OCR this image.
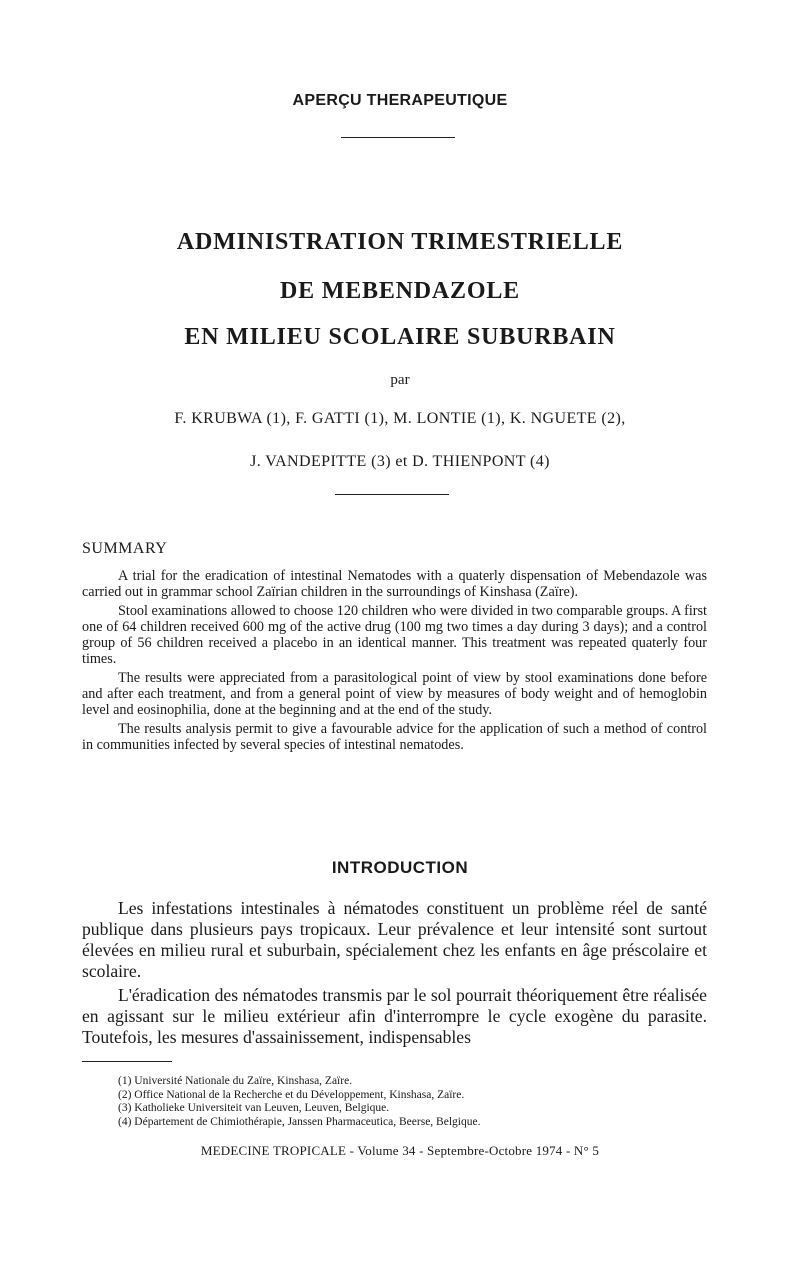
APERÇU THERAPEUTIQUE
ADMINISTRATION TRIMESTRIELLE
DE MEBENDAZOLE
EN MILIEU SCOLAIRE SUBURBAIN
par
F. KRUBWA (1), F. GATTI (1), M. LONTIE (1), K. NGUETE (2),
J. VANDEPITTE (3) et D. THIENPONT (4)
SUMMARY

A trial for the eradication of intestinal Nematodes with a quaterly dispensation of Mebendazole was carried out in grammar school Zaïrian children in the surroundings of Kinshasa (Zaïre).

Stool examinations allowed to choose 120 children who were divided in two comparable groups. A first one of 64 children received 600 mg of the active drug (100 mg two times a day during 3 days); and a control group of 56 children received a placebo in an identical manner. This treatment was repeated quaterly four times.

The results were appreciated from a parasitological point of view by stool examinations done before and after each treatment, and from a general point of view by measures of body weight and of hemoglobin level and eosinophilia, done at the beginning and at the end of the study.

The results analysis permit to give a favourable advice for the application of such a method of control in communities infected by several species of intestinal nematodes.

INTRODUCTION

Les infestations intestinales à nématodes constituent un problème réel de santé publique dans plusieurs pays tropicaux. Leur prévalence et leur intensité sont surtout élevées en milieu rural et suburbain, spécialement chez les enfants en âge préscolaire et scolaire.

L'éradication des nématodes transmis par le sol pourrait théoriquement être réalisée en agissant sur le milieu extérieur afin d'interrompre le cycle exogène du parasite. Toutefois, les mesures d'assainissement, indispensables

(1) Université Nationale du Zaïre, Kinshasa, Zaïre.
(2) Office National de la Recherche et du Développement, Kinshasa, Zaïre.
(3) Katholieke Universiteit van Leuven, Leuven, Belgique.
(4) Département de Chimiothérapie, Janssen Pharmaceutica, Beerse, Belgique.
MEDECINE TROPICALE - Volume 34 - Septembre-Octobre 1974 - N° 5
